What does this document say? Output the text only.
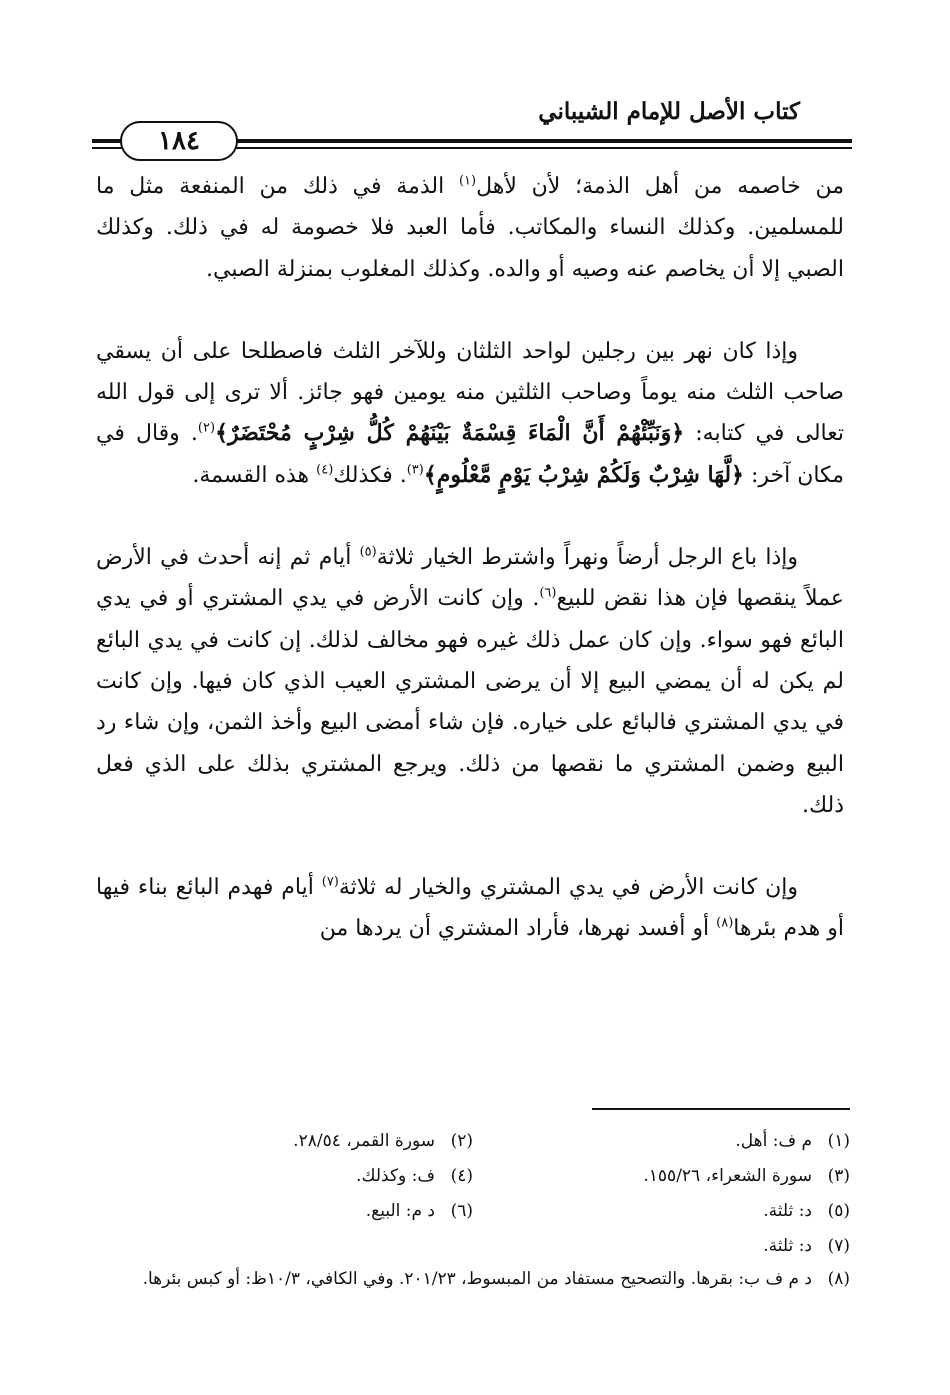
كتاب الأصل للإمام الشيباني
١٨٤

من خاصمه من أهل الذمة؛ لأن لأهل$^{(١)}$ الذمة في ذلك من المنفعة مثل ما للمسلمين. وكذلك النساء والمكاتب. فأما العبد فلا خصومة له في ذلك. وكذلك الصبي إلا أن يخاصم عنه وصيه أو والده. وكذلك المغلوب بمنزلة الصبي.

وإذا كان نهر بين رجلين لواحد الثلثان وللآخر الثلث فاصطلحا على أن يسقي صاحب الثلث منه يوماً وصاحب الثلثين منه يومين فهو جائز. ألا ترى إلى قول الله تعالى في كتابه: ﴿وَنَبِّئْهُمْ أَنَّ الْمَاءَ قِسْمَةٌ بَيْنَهُمْ كُلُّ شِرْبٍ مُحْتَضَرٌ﴾$^{(٢)}$. وقال في مكان آخر: ﴿لَّهَا شِرْبٌ وَلَكُمْ شِرْبُ يَوْمٍ مَّعْلُومٍ﴾$^{(٣)}$. فكذلك$^{(٤)}$ هذه القسمة.

وإذا باع الرجل أرضاً ونهراً واشترط الخيار ثلاثة$^{(٥)}$ أيام ثم إنه أحدث في الأرض عملاً ينقصها فإن هذا نقض للبيع$^{(٦)}$. وإن كانت الأرض في يدي المشتري أو في يدي البائع فهو سواء. وإن كان عمل ذلك غيره فهو مخالف لذلك. إن كانت في يدي البائع لم يكن له أن يمضي البيع إلا أن يرضى المشتري العيب الذي كان فيها. وإن كانت في يدي المشتري فالبائع على خياره. فإن شاء أمضى البيع وأخذ الثمن، وإن شاء رد البيع وضمن المشتري ما نقصها من ذلك. ويرجع المشتري بذلك على الذي فعل ذلك.

وإن كانت الأرض في يدي المشتري والخيار له ثلاثة$^{(٧)}$ أيام فهدم البائع بناء فيها أو هدم بئرها$^{(٨)}$ أو أفسد نهرها، فأراد المشتري أن يردها من

(١)م ف: أهل.
(٢)سورة القمر، ٢٨/٥٤.
(٣)سورة الشعراء، ١٥٥/٢٦.
(٤)ف: وكذلك.
(٥)د: ثلثة.
(٦)د م: البيع.
(٧)د: ثلثة.
(٨)
د م ف ب: بقرها. والتصحيح مستفاد من المبسوط، ٢٠١/٢٣. وفي الكافي، ١٠/٣ظ: أو كبس بئرها.
